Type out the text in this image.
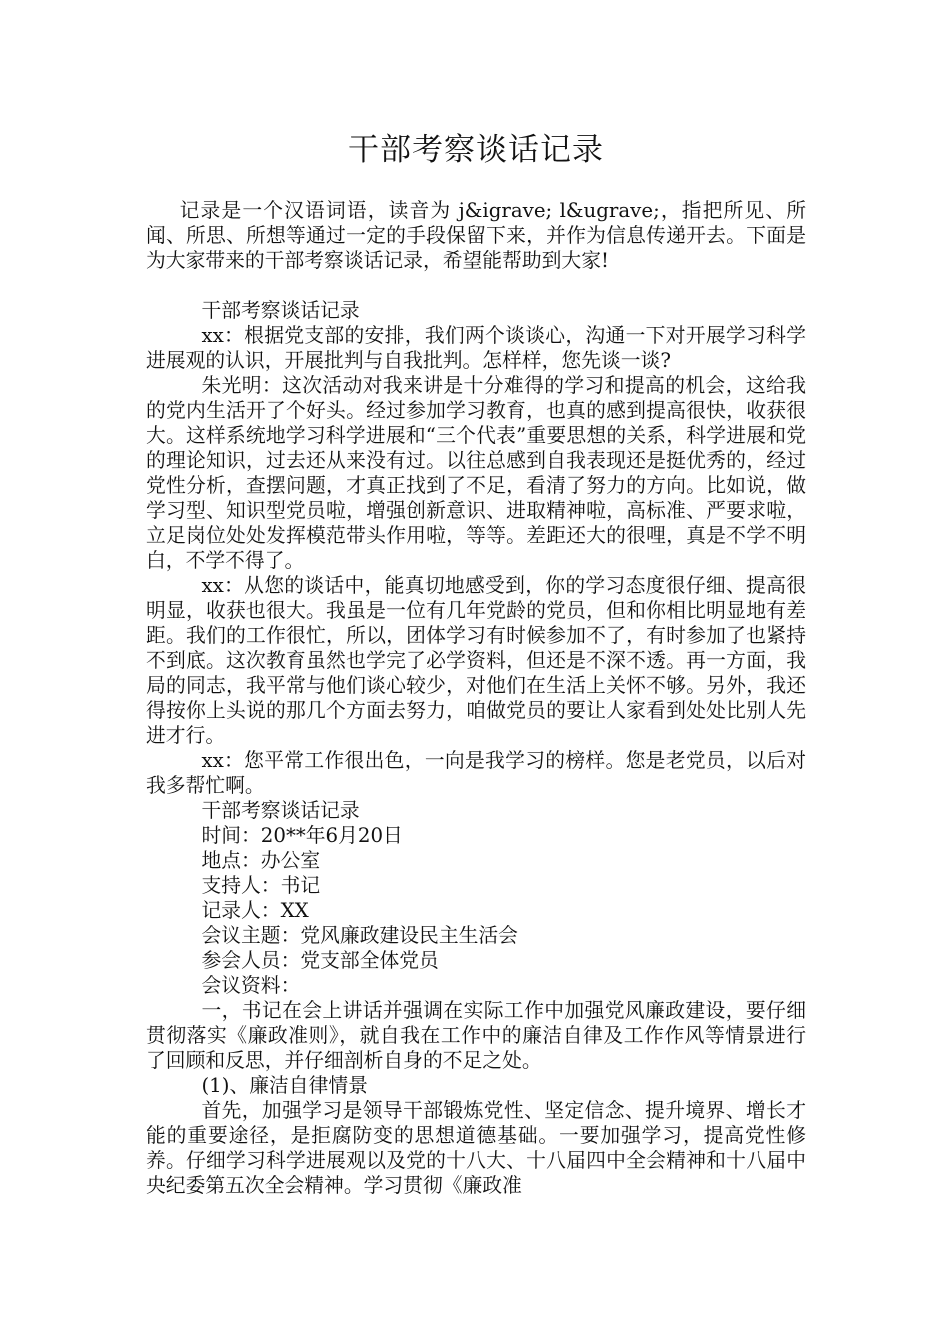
干部考察谈话记录

记录是一个汉语词语，读音为 j&igrave; l&ugrave;，指把所见、所闻、所思、所想等通过一定的手段保留下来，并作为信息传递开去。下面是为大家带来的干部考察谈话记录，希望能帮助到大家!

干部考察谈话记录

xx：根据党支部的安排，我们两个谈谈心，沟通一下对开展学习科学进展观的认识，开展批判与自我批判。怎样样，您先谈一谈?

朱光明：这次活动对我来讲是十分难得的学习和提高的机会，这给我的党内生活开了个好头。经过参加学习教育，也真的感到提高很快，收获很大。这样系统地学习科学进展和“三个代表”重要思想的关系，科学进展和党的理论知识，过去还从来没有过。以往总感到自我表现还是挺优秀的，经过党性分析，查摆问题，才真正找到了不足，看清了努力的方向。比如说，做学习型、知识型党员啦，增强创新意识、进取精神啦，高标准、严要求啦，立足岗位处处发挥模范带头作用啦，等等。差距还大的很哩，真是不学不明白，不学不得了。

xx：从您的谈话中，能真切地感受到，你的学习态度很仔细、提高很明显，收获也很大。我虽是一位有几年党龄的党员，但和你相比明显地有差距。我们的工作很忙，所以，团体学习有时候参加不了，有时参加了也紧持不到底。这次教育虽然也学完了必学资料，但还是不深不透。再一方面，我局的同志，我平常与他们谈心较少，对他们在生活上关怀不够。另外，我还得按你上头说的那几个方面去努力，咱做党员的要让人家看到处处比别人先进才行。

xx：您平常工作很出色，一向是我学习的榜样。您是老党员，以后对我多帮忙啊。

干部考察谈话记录

时间：20**年6月20日

地点：办公室

支持人：书记

记录人：XX

会议主题：党风廉政建设民主生活会

参会人员：党支部全体党员

会议资料：

一，书记在会上讲话并强调在实际工作中加强党风廉政建设，要仔细贯彻落实《廉政准则》，就自我在工作中的廉洁自律及工作作风等情景进行了回顾和反思，并仔细剖析自身的不足之处。

(1)、廉洁自律情景

首先，加强学习是领导干部锻炼党性、坚定信念、提升境界、增长才能的重要途径，是拒腐防变的思想道德基础。一要加强学习，提高党性修养。仔细学习科学进展观以及党的十八大、十八届四中全会精神和十八届中央纪委第五次全会精神。学习贯彻《廉政准
